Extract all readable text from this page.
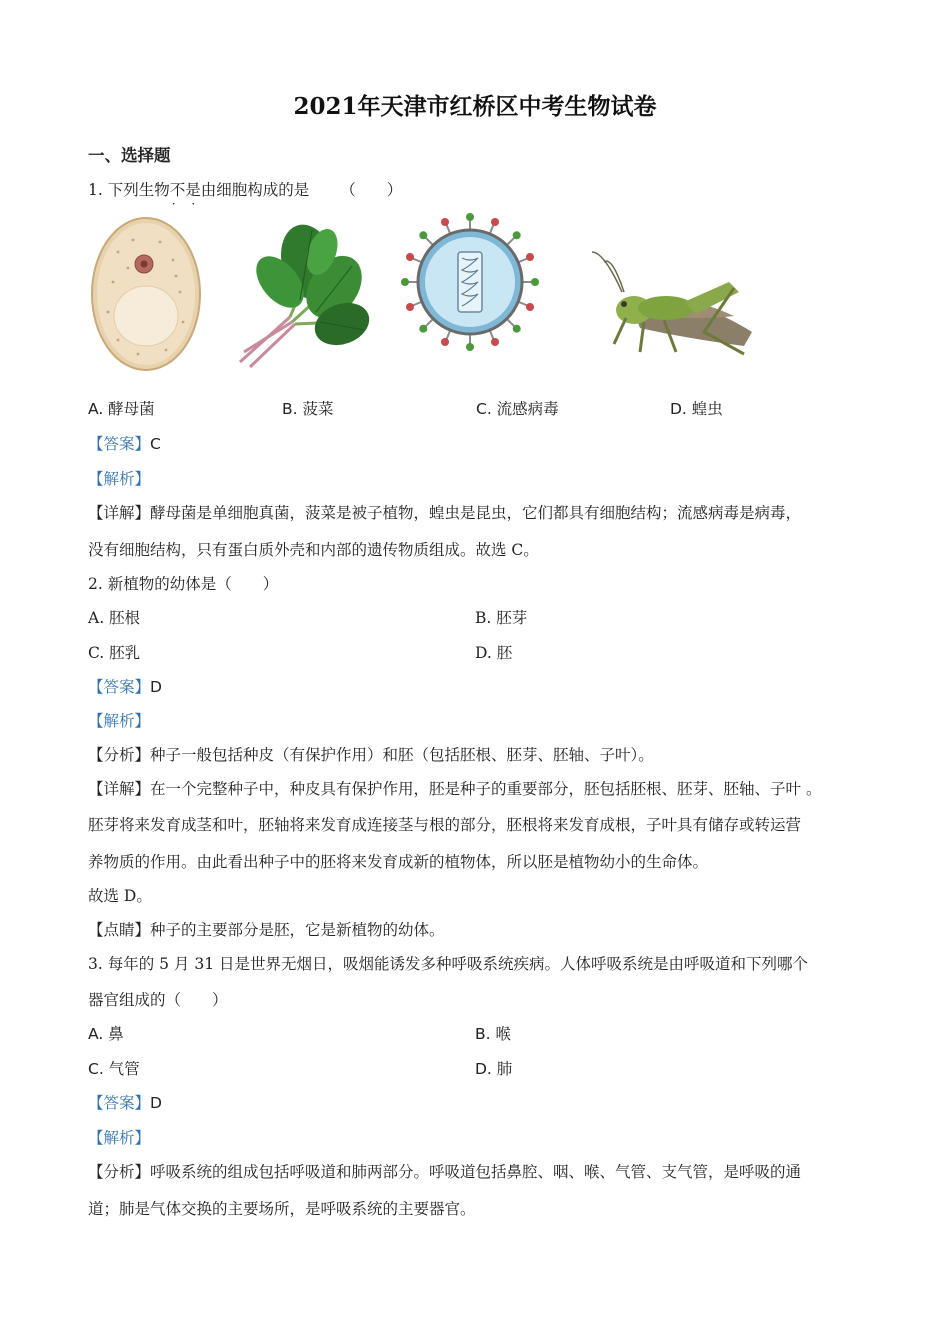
2021年天津市红桥区中考生物试卷
一、选择题
1. 下列生物不是 · ·由细胞构成的是 （　　）
A. 酵母菌	B. 菠菜	C. 流感病毒	D. 蝗虫
【答案】C
【解析】
【详解】酵母菌是单细胞真菌，菠菜是被子植物，蝗虫是昆虫，它们都具有细胞结构；流感病毒是病毒，
没有细胞结构，只有蛋白质外壳和内部的遗传物质组成。故选 C。
2. 新植物的幼体是（　　）
A. 胚根	B. 胚芽
C. 胚乳	D. 胚
【答案】D
【解析】
【分析】种子一般包括种皮（有保护作用）和胚（包括胚根、胚芽、胚轴、子叶）。
【详解】在一个完整种子中，种皮具有保护作用，胚是种子的重要部分，胚包括胚根、胚芽、胚轴、子叶 。
胚芽将来发育成茎和叶，胚轴将来发育成连接茎与根的部分，胚根将来发育成根，子叶具有储存或转运营
养物质的作用。由此看出种子中的胚将来发育成新的植物体，所以胚是植物幼小的生命体。
故选 D。
【点睛】种子的主要部分是胚，它是新植物的幼体。
3. 每年的 5 月 31 日是世界无烟日，吸烟能诱发多种呼吸系统疾病。人体呼吸系统是由呼吸道和下列哪个
器官组成的（　　）
A. 鼻	B. 喉
C. 气管	D. 肺
【答案】D
【解析】
【分析】呼吸系统的组成包括呼吸道和肺两部分。呼吸道包括鼻腔、咽、喉、气管、支气管，是呼吸的通
道；肺是气体交换的主要场所，是呼吸系统的主要器官。
